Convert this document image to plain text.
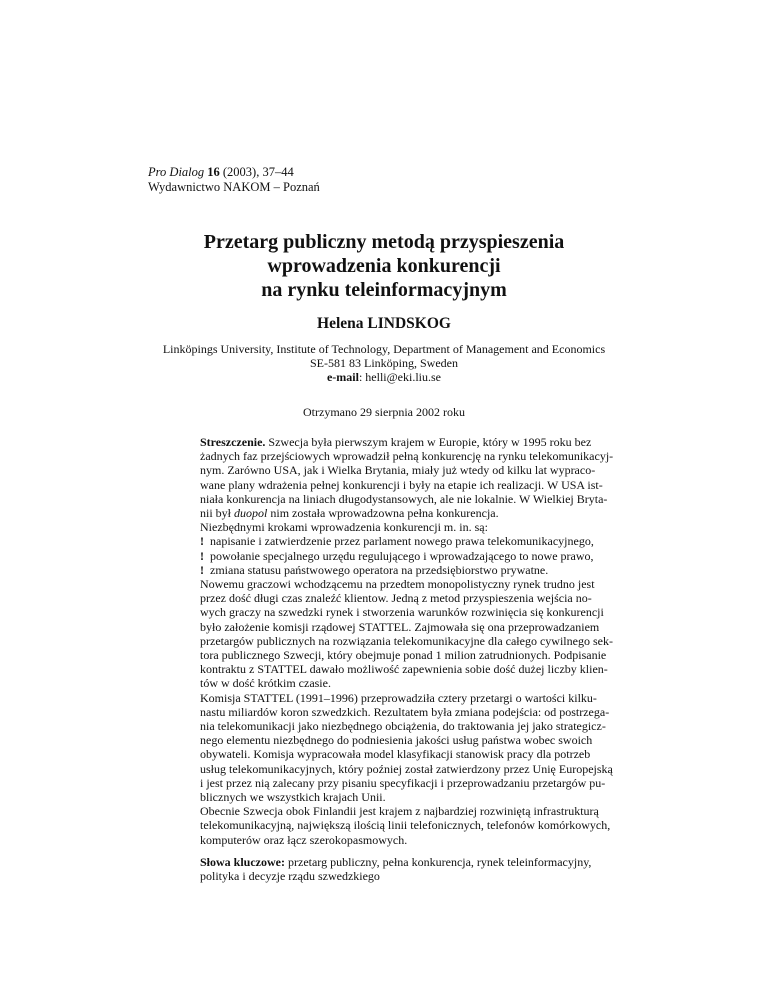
Pro Dialog 16 (2003), 37–44
Wydawnictwo NAKOM – Poznań
Przetarg publiczny metodą przyspieszenia
wprowadzenia konkurencji
na rynku teleinformacyjnym
Helena LINDSKOG
Linköpings University, Institute of Technology, Department of Management and Economics
SE-581 83 Linköping, Sweden
e-mail: helli@eki.liu.se
Otrzymano 29 sierpnia 2002 roku
Streszczenie. Szwecja była pierwszym krajem w Europie, który w 1995 roku bez
żadnych faz przejściowych wprowadził pełną konkurencję na rynku telekomunikacyj-
nym. Zarówno USA, jak i Wielka Brytania, miały już wtedy od kilku lat wypraco-
wane plany wdrażenia pełnej konkurencji i były na etapie ich realizacji. W USA ist-
niała konkurencja na liniach długodystansowych, ale nie lokalnie. W Wielkiej Bryta-
nii był duopol nim została wprowadzowna pełna konkurencja.
Niezbędnymi krokami wprowadzenia konkurencji m. in. są:
! napisanie i zatwierdzenie przez parlament nowego prawa telekomunikacyjnego,
! powołanie specjalnego urzędu regulującego i wprowadzającego to nowe prawo,
! zmiana statusu państwowego operatora na przedsiębiorstwo prywatne.
Nowemu graczowi wchodzącemu na przedtem monopolistyczny rynek trudno jest
przez dość długi czas znaleźć klientow. Jedną z metod przyspieszenia wejścia no-
wych graczy na szwedzki rynek i stworzenia warunków rozwinięcia się konkurencji
było założenie komisji rządowej STATTEL. Zajmowała się ona przeprowadzaniem
przetargów publicznych na rozwiązania telekomunikacyjne dla całego cywilnego sek-
tora publicznego Szwecji, który obejmuje ponad 1 milion zatrudnionych. Podpisanie
kontraktu z STATTEL dawało możliwość zapewnienia sobie dość dużej liczby klien-
tów w dość krótkim czasie.
Komisja STATTEL (1991–1996) przeprowadziła cztery przetargi o wartości kilku-
nastu miliardów koron szwedzkich. Rezultatem była zmiana podejścia: od postrzega-
nia telekomunikacji jako niezbędnego obciążenia, do traktowania jej jako strategicz-
nego elementu niezbędnego do podniesienia jakości usług państwa wobec swoich
obywateli. Komisja wypracowała model klasyfikacji stanowisk pracy dla potrzeb
usług telekomunikacyjnych, który poźniej został zatwierdzony przez Unię Europejską
i jest przez nią zalecany przy pisaniu specyfikacji i przeprowadzaniu przetargów pu-
blicznych we wszystkich krajach Unii.
Obecnie Szwecja obok Finlandii jest krajem z najbardziej rozwiniętą infrastrukturą
telekomunikacyjną, największą ilością linii telefonicznych, telefonów komórkowych,
komputerów oraz łącz szerokopasmowych.
Słowa kluczowe: przetarg publiczny, pełna konkurencja, rynek teleinformacyjny,
polityka i decyzje rządu szwedzkiego
